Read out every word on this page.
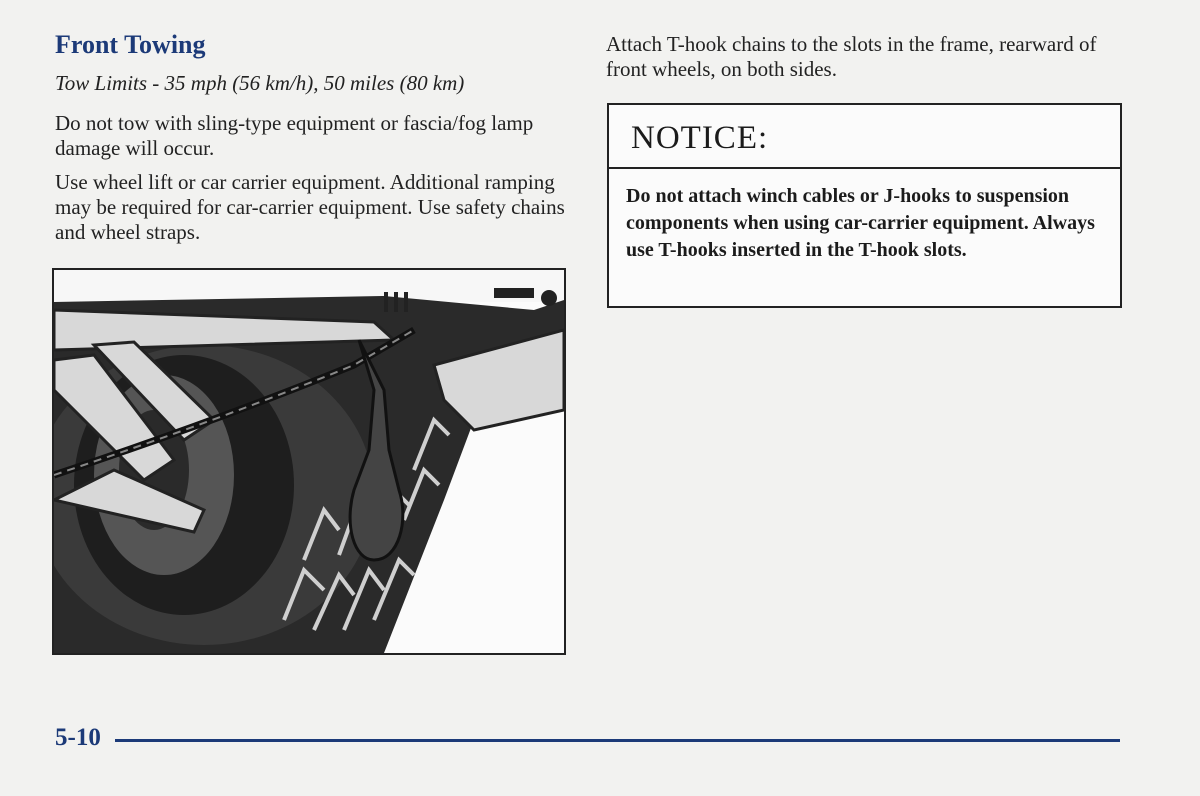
Front Towing
Tow Limits - 35 mph (56 km/h), 50 miles (80 km)
Do not tow with sling-type equipment or fascia/fog lamp damage will occur.
Use wheel lift or car carrier equipment. Additional ramping may be required for car-carrier equipment. Use safety chains and wheel straps.
Attach T-hook chains to the slots in the frame, rearward of front wheels, on both sides.
NOTICE:
Do not attach winch cables or J-hooks to suspension components when using car-carrier equipment. Always use T-hooks inserted in the T-hook slots.
5-10
